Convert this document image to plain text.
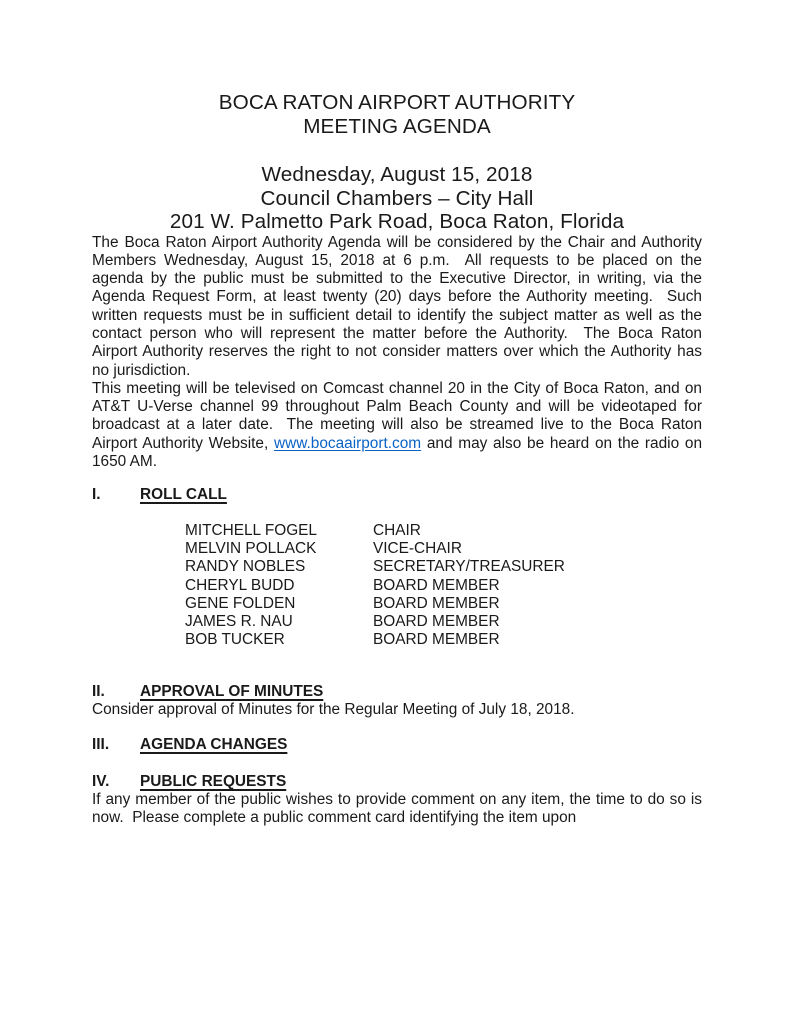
BOCA RATON AIRPORT AUTHORITY
MEETING AGENDA
Wednesday, August 15, 2018
Council Chambers – City Hall
201 W. Palmetto Park Road, Boca Raton, Florida

The Boca Raton Airport Authority Agenda will be considered by the Chair and Authority Members Wednesday, August 15, 2018 at 6 p.m.  All requests to be placed on the agenda by the public must be submitted to the Executive Director, in writing, via the Agenda Request Form, at least twenty (20) days before the Authority meeting.  Such written requests must be in sufficient detail to identify the subject matter as well as the contact person who will represent the matter before the Authority.  The Boca Raton Airport Authority reserves the right to not consider matters over which the Authority has no jurisdiction.

This meeting will be televised on Comcast channel 20 in the City of Boca Raton, and on AT&T U-Verse channel 99 throughout Palm Beach County and will be videotaped for broadcast at a later date.  The meeting will also be streamed live to the Boca Raton Airport Authority Website, www.bocaairport.com and may also be heard on the radio on 1650 AM.

I.	ROLL CALL
MITCHELL FOGEL	CHAIR
MELVIN POLLACK	VICE-CHAIR
RANDY NOBLES	SECRETARY/TREASURER
CHERYL BUDD	BOARD MEMBER
GENE FOLDEN	BOARD MEMBER
JAMES R. NAU	BOARD MEMBER
BOB TUCKER	BOARD MEMBER
II.	APPROVAL OF MINUTES

Consider approval of Minutes for the Regular Meeting of July 18, 2018.

III.	AGENDA CHANGES
IV.	PUBLIC REQUESTS

If any member of the public wishes to provide comment on any item, the time to do so is now.  Please complete a public comment card identifying the item upon
